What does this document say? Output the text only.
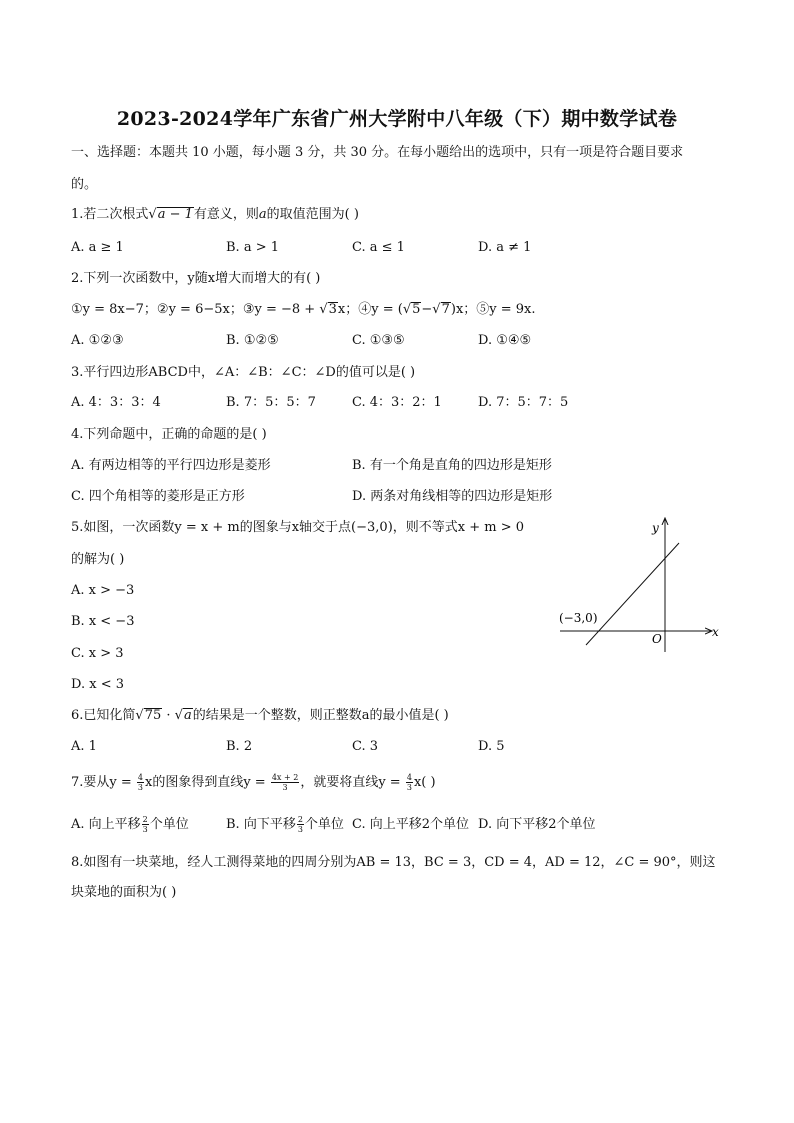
2023-2024学年广东省广州大学附中八年级（下）期中数学试卷
一、选择题：本题共 10 小题，每小题 3 分，共 30 分。在每小题给出的选项中，只有一项是符合题目要求
的。
1.若二次根式√a − 1有意义，则a的取值范围为( )
A. a ≥ 1	B. a > 1	C. a ≤ 1	D. a ≠ 1
2.下列一次函数中，y随x增大而增大的有( )
①y = 8x−7；②y = 6−5x；③y = −8 + √3x；④y = (√5−√7)x；⑤y = 9x.
A. ①②③	B. ①②⑤	C. ①③⑤	D. ①④⑤
3.平行四边形ABCD中，∠A：∠B：∠C：∠D的值可以是( )
A. 4：3：3：4	B. 7：5：5：7	C. 4：3：2：1	D. 7：5：7：5
4.下列命题中，正确的命题的是( )
A. 有两边相等的平行四边形是菱形	B. 有一个角是直角的四边形是矩形
C. 四个角相等的菱形是正方形	D. 两条对角线相等的四边形是矩形
5.如图，一次函数y = x + m的图象与x轴交于点(−3,0)，则不等式x + m > 0
的解为( )
A. x > −3
B. x < −3
C. x > 3
D. x < 3
y
x
O
(−3,0)
6.已知化简√75 · √a的结果是一个整数，则正整数a的最小值是( )
A. 1	B. 2	C. 3	D. 5
7.要从$y = \frac{4}{3}$ x的图象得到直线$y = \frac{4x + 2}{3}$ ，就要将直线$y = \frac{4}{3} x$( )
A. 向上平移 $\frac{2}{3}$ 个单位	B. 向下平移 $\frac{2}{3}$ 个单位 C. 向上平移2个单位 D. 向下平移2个单位
8.如图有一块菜地，经人工测得菜地的四周分别为AB = 13，BC = 3，CD = 4，AD = 12，∠C = 90°，则这
块菜地的面积为( )
